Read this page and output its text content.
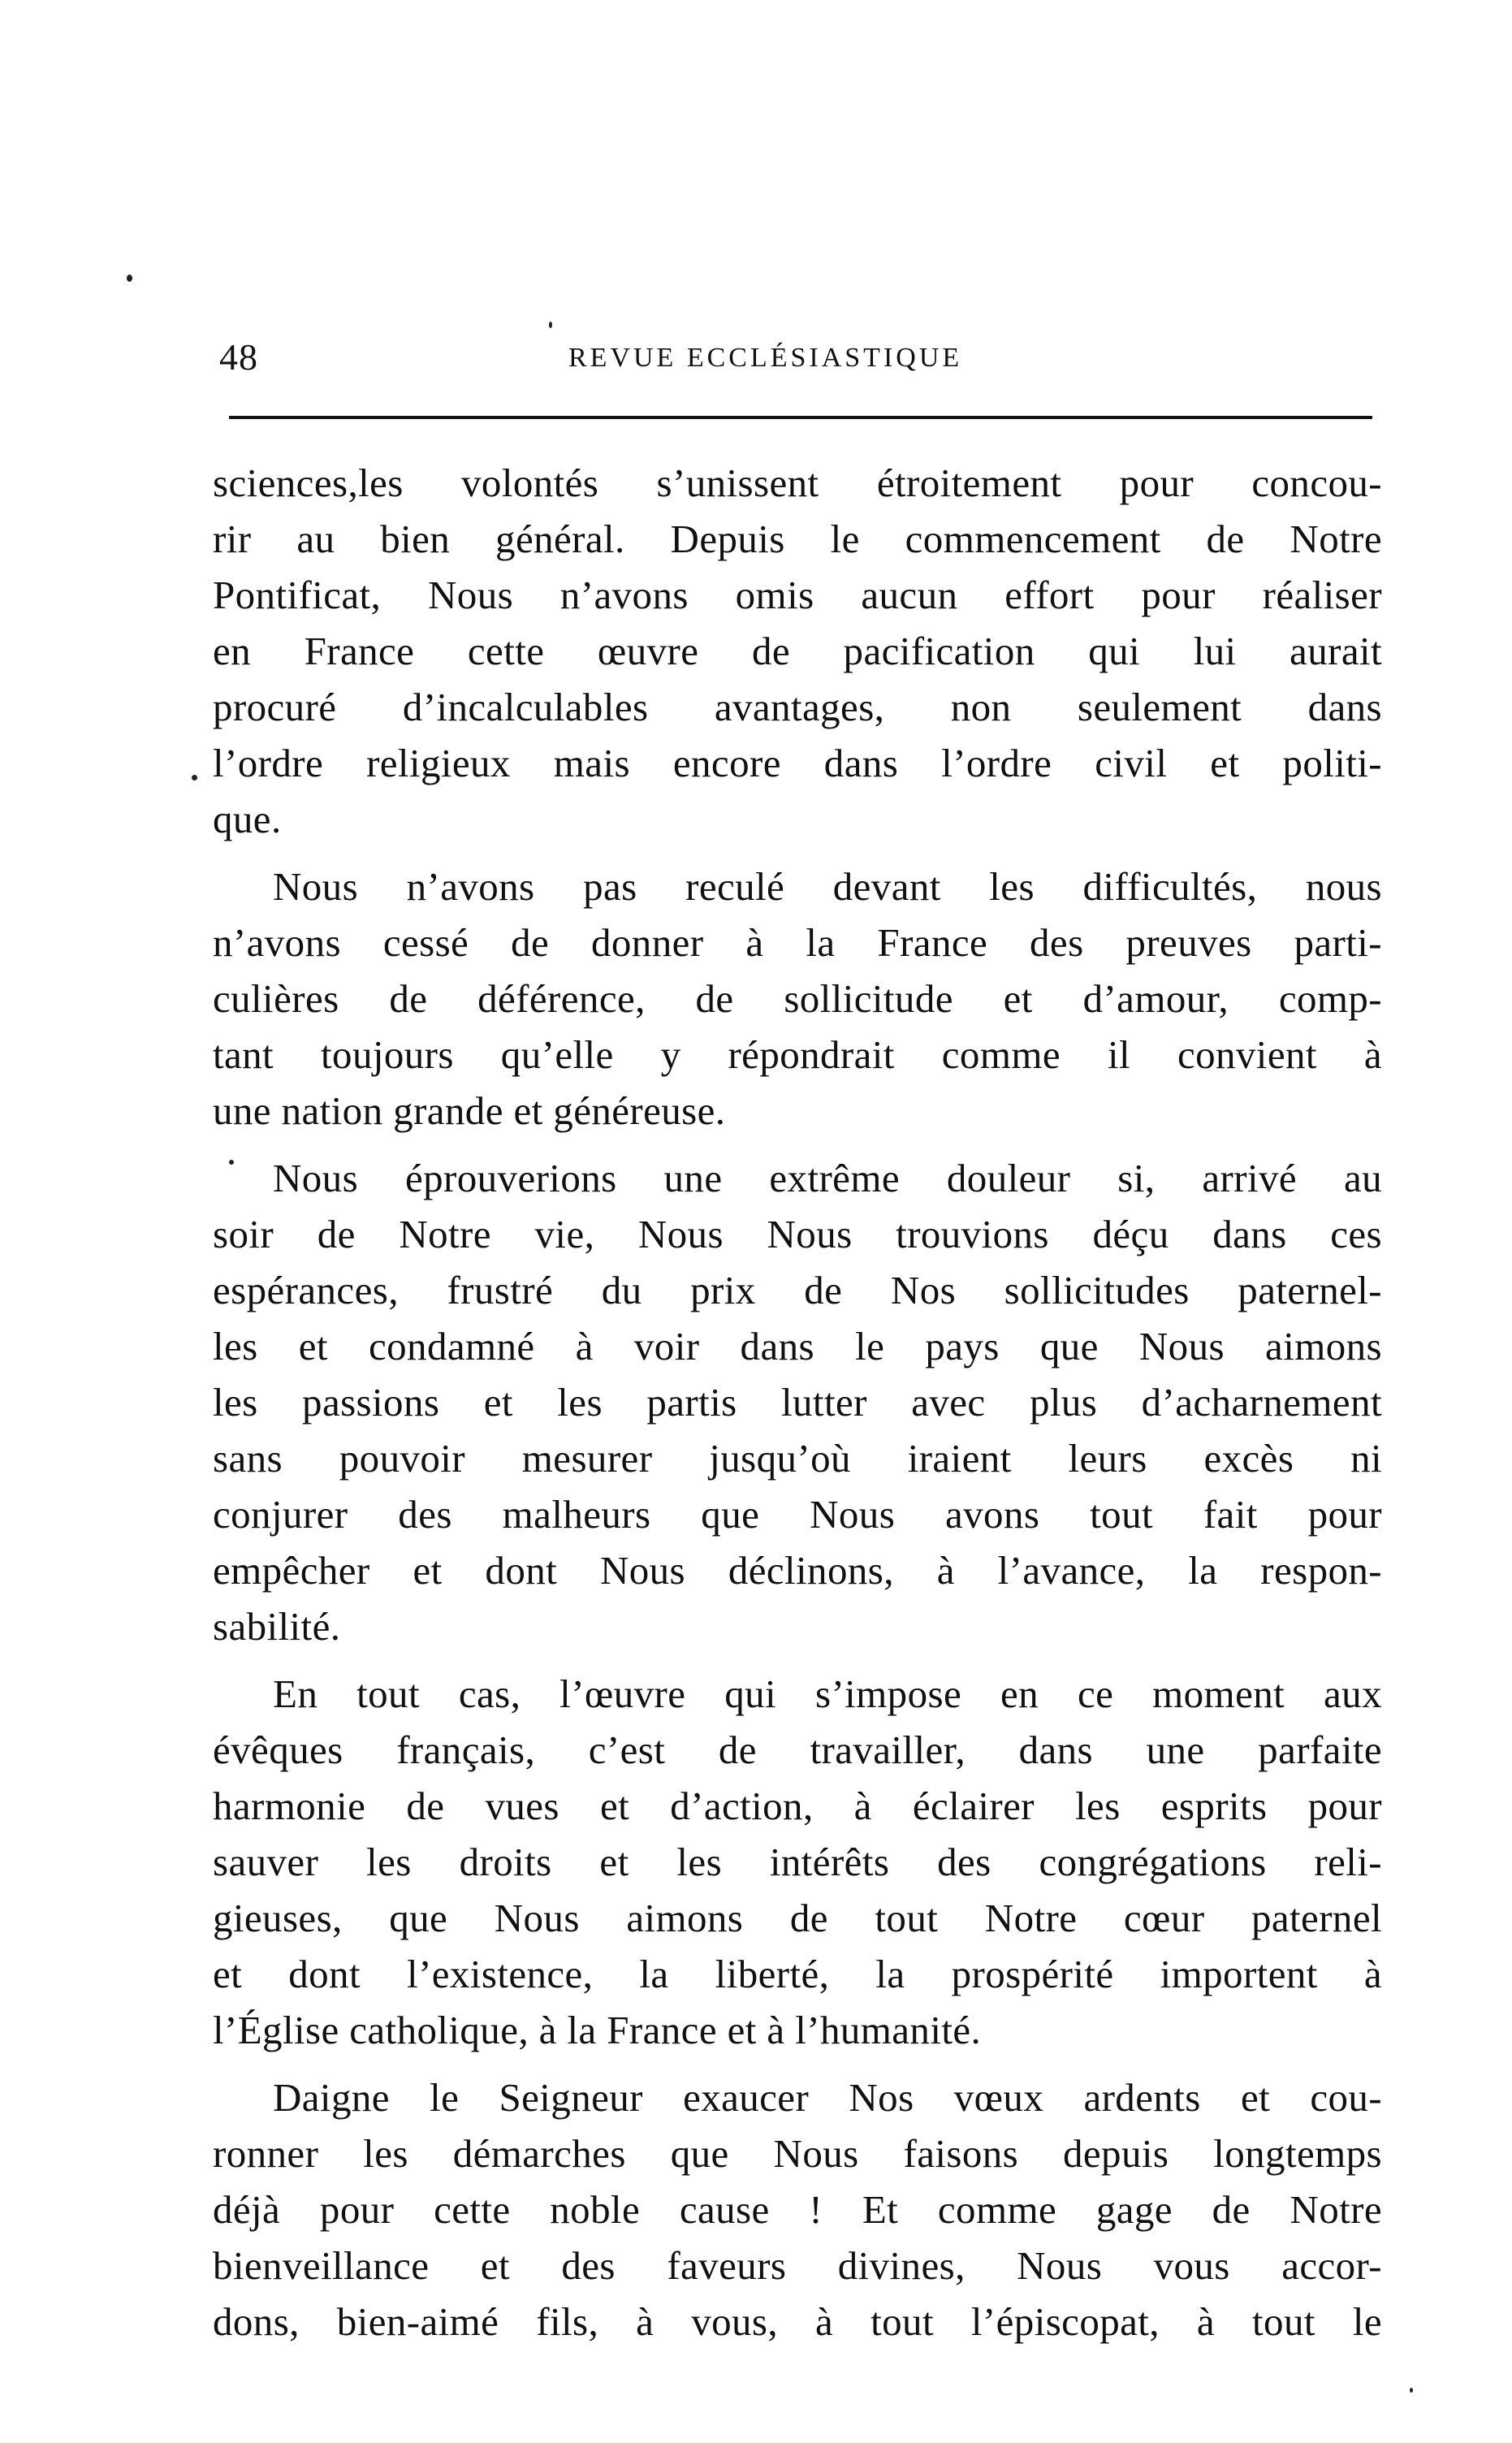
48	REVUE ECCLÉSIASTIQUE
sciences,les volontés s’unissent étroitement pour concou-
rir au bien général. Depuis le commencement de Notre
Pontificat, Nous n’avons omis aucun effort pour réaliser
en France cette œuvre de pacification qui lui aurait
procuré d’incalculables avantages, non seulement dans
l’ordre religieux mais encore dans l’ordre civil et politi-
que.
Nous n’avons pas reculé devant les difficultés, nous
n’avons cessé de donner à la France des preuves parti-
culières de déférence, de sollicitude et d’amour, comp-
tant toujours qu’elle y répondrait comme il convient à
une nation grande et généreuse.
Nous éprouverions une extrême douleur si, arrivé au
soir de Notre vie, Nous Nous trouvions déçu dans ces
espérances, frustré du prix de Nos sollicitudes paternel-
les et condamné à voir dans le pays que Nous aimons
les passions et les partis lutter avec plus d’acharnement
sans pouvoir mesurer jusqu’où iraient leurs excès ni
conjurer des malheurs que Nous avons tout fait pour
empêcher et dont Nous déclinons, à l’avance, la respon-
sabilité.
En tout cas, l’œuvre qui s’impose en ce moment aux
évêques français, c’est de travailler, dans une parfaite
harmonie de vues et d’action, à éclairer les esprits pour
sauver les droits et les intérêts des congrégations reli-
gieuses, que Nous aimons de tout Notre cœur paternel
et dont l’existence, la liberté, la prospérité importent à
l’Église catholique, à la France et à l’humanité.
Daigne le Seigneur exaucer Nos vœux ardents et cou-
ronner les démarches que Nous faisons depuis longtemps
déjà pour cette noble cause ! Et comme gage de Notre
bienveillance et des faveurs divines, Nous vous accor-
dons, bien-aimé fils, à vous, à tout l’épiscopat, à tout le
